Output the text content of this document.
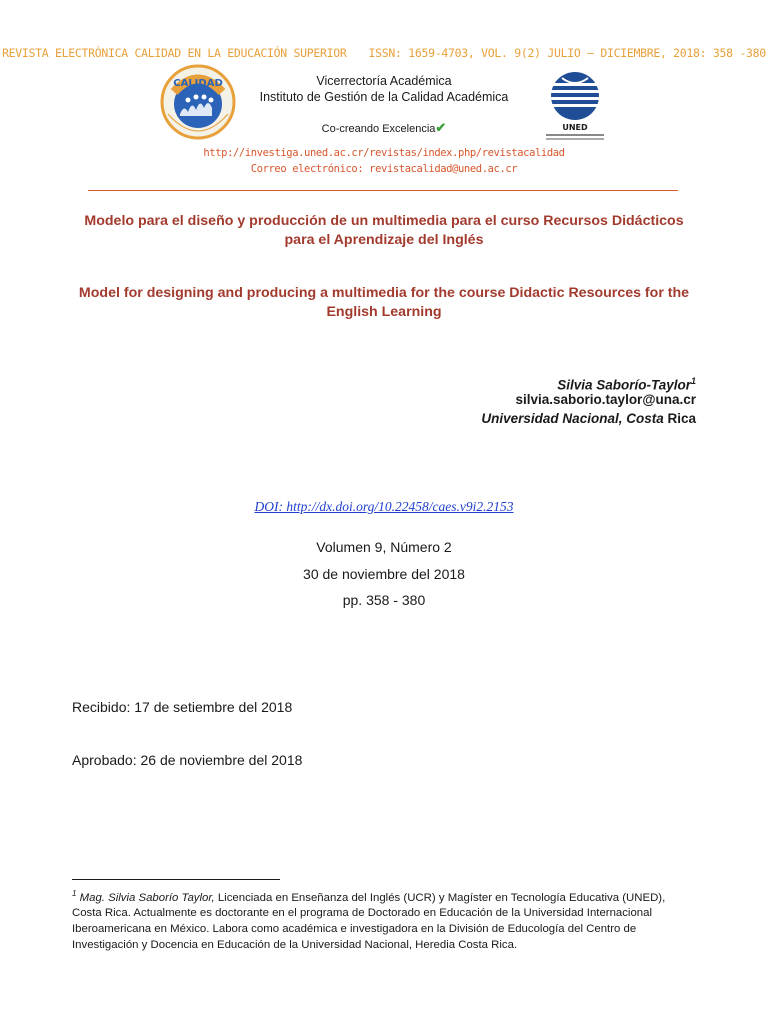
REVISTA ELECTRÓNICA CALIDAD EN LA EDUCACIÓN SUPERIOR ISSN: 1659-4703, VOL. 9(2) JULIO – DICIEMBRE, 2018: 358 -380
CALIDAD
UNED
Vicerrectoría Académica
Instituto de Gestión de la Calidad Académica
Co-creando Excelencia✔
http://investiga.uned.ac.cr/revistas/index.php/revistacalidad
Correo electrónico: revistacalidad@uned.ac.cr
Modelo para el diseño y producción de un multimedia para el curso Recursos Didácticos para el Aprendizaje del Inglés
Model for designing and producing a multimedia for the course Didactic Resources for the English Learning
Silvia Saborío-Taylor$^1$
silvia.saborio.taylor@una.cr
Universidad Nacional, Costa Rica
DOI: http://dx.doi.org/10.22458/caes.v9i2.2153
Volumen 9, Número 2
30 de noviembre del 2018
pp. 358 - 380
Recibido: 17 de setiembre del 2018
Aprobado: 26 de noviembre del 2018
$^1$ Mag. Silvia Saborío Taylor, Licenciada en Enseñanza del Inglés (UCR) y Magíster en Tecnología Educativa (UNED), Costa Rica. Actualmente es doctorante en el programa de Doctorado en Educación de la Universidad Internacional Iberoamericana en México. Labora como académica e investigadora en la División de Educología del Centro de Investigación y Docencia en Educación de la Universidad Nacional, Heredia Costa Rica.
